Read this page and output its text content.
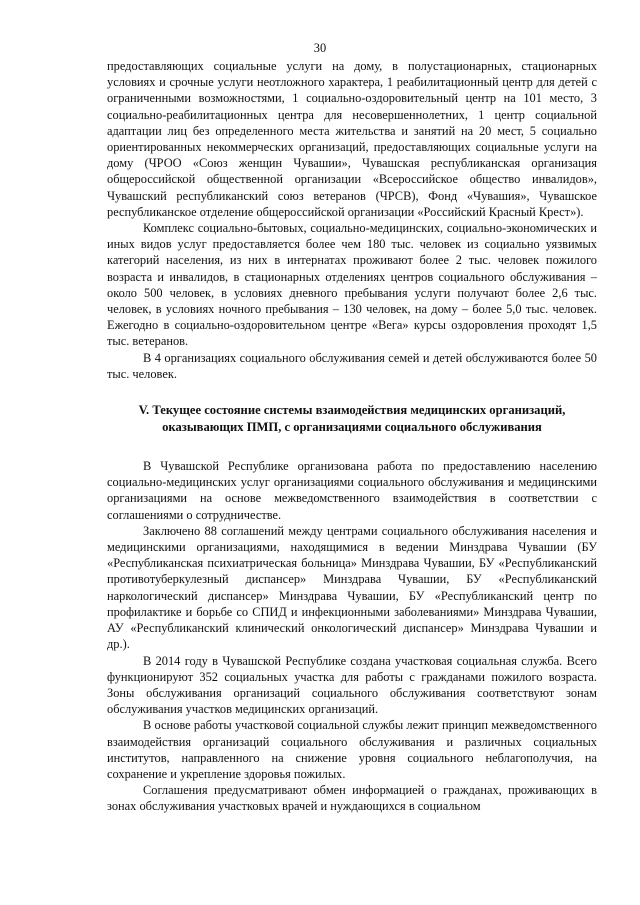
30

предоставляющих социальные услуги на дому, в полустационарных, стационарных условиях и срочные услуги неотложного характера, 1 реабилитационный центр для детей с ограниченными возможностями, 1 социально-оздоровительный центр на 101 место, 3 социально-реабилитационных центра для несовершеннолетних, 1 центр социальной адаптации лиц без определенного места жительства и занятий на 20 мест, 5 социально ориентированных некоммерческих организаций, предоставляющих социальные услуги на дому (ЧРОО «Союз женщин Чувашии», Чувашская республиканская организация общероссийской общественной организации «Всероссийское общество инвалидов», Чувашский республиканский союз ветеранов (ЧРСВ), Фонд «Чувашия», Чувашское республиканское отделение общероссийской организации «Российский Красный Крест»).

Комплекс социально-бытовых, социально-медицинских, социально-экономических и иных видов услуг предоставляется более чем 180 тыс. человек из социально уязвимых категорий населения, из них в интернатах проживают более 2 тыс. человек пожилого возраста и инвалидов, в стационарных отделениях центров социального обслуживания – около 500 человек, в условиях дневного пребывания услуги получают более 2,6 тыс. человек, в условиях ночного пребывания – 130 человек, на дому – более 5,0 тыс. человек. Ежегодно в социально-оздоровительном центре «Вега» курсы оздоровления проходят 1,5 тыс. ветеранов.

В 4 организациях социального обслуживания семей и детей обслуживаются более 50 тыс. человек.

V. Текущее состояние системы взаимодействия медицинских организаций,
оказывающих ПМП, с организациями социального обслуживания

В Чувашской Республике организована работа по предоставлению населению социально-медицинских услуг организациями социального обслуживания и медицинскими организациями на основе межведомственного взаимодействия в соответствии с соглашениями о сотрудничестве.

Заключено 88 соглашений между центрами социального обслуживания населения и медицинскими организациями, находящимися в ведении Минздрава Чувашии (БУ «Республиканская психиатрическая больница» Минздрава Чувашии, БУ «Республиканский противотуберкулезный диспансер» Минздрава Чувашии, БУ «Республиканский наркологический диспансер» Минздрава Чувашии, БУ «Республиканский центр по профилактике и борьбе со СПИД и инфекционными заболеваниями» Минздрава Чувашии, АУ «Республиканский клинический онкологический диспансер» Минздрава Чувашии и др.).

В 2014 году в Чувашской Республике создана участковая социальная служба. Всего функционируют 352 социальных участка для работы с гражданами пожилого возраста. Зоны обслуживания организаций социального обслуживания соответствуют зонам обслуживания участков медицинских организаций.

В основе работы участковой социальной службы лежит принцип межведомственного взаимодействия организаций социального обслуживания и различных социальных институтов, направленного на снижение уровня социального неблагополучия, на сохранение и укрепление здоровья пожилых.

Соглашения предусматривают обмен информацией о гражданах, проживающих в зонах обслуживания участковых врачей и нуждающихся в социальном
